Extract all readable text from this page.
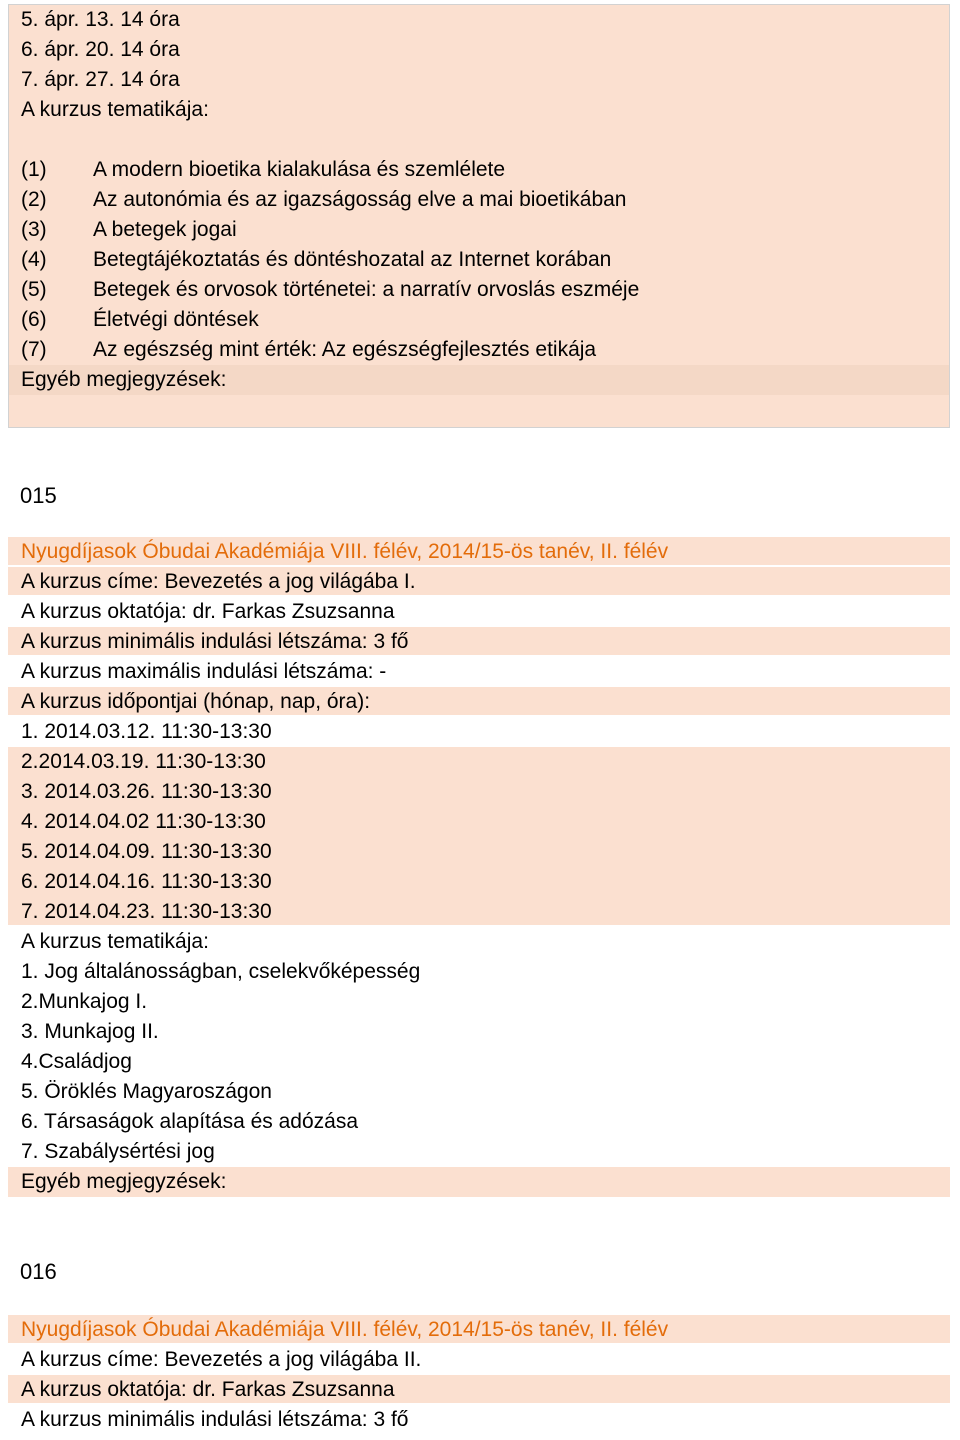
5. ápr. 13. 14 óra
6. ápr. 20. 14 óra
7. ápr. 27. 14 óra
A kurzus tematikája:
(1)	A modern bioetika kialakulása és szemlélete
(2)	Az autonómia és az igazságosság elve a mai bioetikában
(3)	A betegek jogai
(4)	Betegtájékoztatás és döntéshozatal az Internet korában
(5)	Betegek és orvosok történetei: a narratív orvoslás eszméje
(6)	Életvégi döntések
(7)	Az egészség mint érték: Az egészségfejlesztés etikája
Egyéb megjegyzések:
015
Nyugdíjasok Óbudai Akadémiája VIII. félév, 2014/15-ös tanév, II. félév
A kurzus címe: Bevezetés a jog világába I.
A kurzus oktatója: dr. Farkas Zsuzsanna
A kurzus minimális indulási létszáma: 3 fő
A kurzus maximális indulási létszáma: -
A kurzus időpontjai (hónap, nap, óra):
1. 2014.03.12. 11:30-13:30
2.2014.03.19. 11:30-13:30
3. 2014.03.26. 11:30-13:30
4. 2014.04.02 11:30-13:30
5. 2014.04.09. 11:30-13:30
6. 2014.04.16. 11:30-13:30
7. 2014.04.23. 11:30-13:30
A kurzus tematikája:
1. Jog általánosságban, cselekvőképesség
2.Munkajog I.
3. Munkajog II.
4.Családjog
5. Öröklés Magyaroszágon
6. Társaságok alapítása és adózása
7. Szabálysértési jog
Egyéb megjegyzések:
016
Nyugdíjasok Óbudai Akadémiája VIII. félév, 2014/15-ös tanév, II. félév
A kurzus címe: Bevezetés a jog világába II.
A kurzus oktatója: dr. Farkas Zsuzsanna
A kurzus minimális indulási létszáma: 3 fő
